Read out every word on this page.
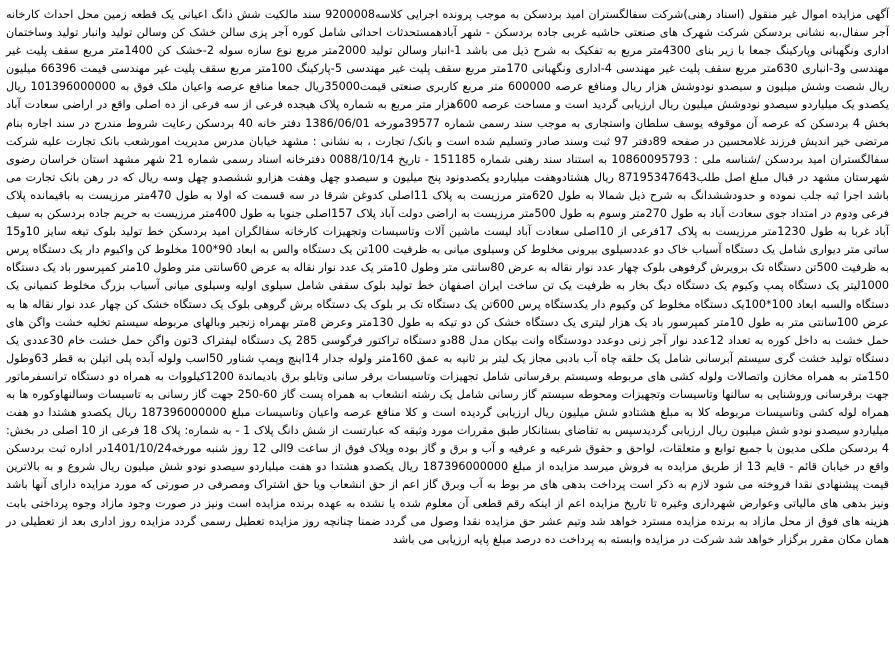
آگهی مزایده اموال غیر منقول (اسناد رهنی)شرکت سفالگستران امید بردسکن به موجب پرونده اجرایی کلاسه9200008 سند مالکیت شش دانگ اعیانی یک قطعه زمین محل احداث کارخانه آجر سفال،به نشانی بردسکن شرکت شهرک های صنعتی حاشیه غربی جاده بردسکن - شهر آبادهمستحدثات احداثی شامل کوره آجر پزی سالن خشک کن وسالن تولید وانبار تولید وساختمان اداری ونگهبانی وپارکینگ جمعا با زیر بنای 4300متر مربع به تفکیک به شرح ذیل می باشد 1-انبار وسالن تولید 2000متر مربع نوع سازه سوله 2-خشک کن 1400متر مربع سقف پلیت غیر مهندسی و3-انباری 630متر مربع سقف پلیت غیر مهندسی 4-اداری ونگهبانی 170متر مربع سقف پلیت غیر مهندسی 5-پارکینگ 100متر مربع سقف پلیت غیر مهندسی قیمت 66396 میلیون ریال شصت وشش میلیون و سیصدو نودوشش هزار ریال ومنافع عرصه 600000 متر مربع کاربری صنعتی قیمت35000ریال جمعا منافع عرصه واعیان ملک فوق به 101396000000 ریال یکصدو یک میلیاردو سیصدو نودوشش میلیون ریال ارزیابی گردید است و مساحت عرصه 600هزار متر مربع به شماره پلاک هیجده فرعی از سه فرعی از ده اصلی واقع در اراضی سعادت آباد بخش 4 بردسکن که عرصه آن موقوفه یوسف سلطان واستجاری به موجب سند رسمی شماره 39577مورخه 1386/06/01 دفتر خانه 40 بردسکن رعایت شروط مندرج در سند اجاره بنام مرتضی خیر اندیش فرزند غلامحسین در صفحه 89دفتر 97 ثبت وسند صادر وتسلیم شده است و بانک/ تجارت ، به نشانی : مشهد خیابان مدرس مدیریت امورشعب بانک تجارت علیه شرکت سفالگستران امید بردسکن /شناسه ملی : 10860095793 به استناد سند رهنی شماره 151185 - تاریخ 0088/10/14 دفترخانه اسناد رسمی شماره 21 شهر مشهد استان خراسان رضوی شهرستان مشهد در قبال مبلغ اصل طلب87195347643 ریال هشتادوهفت میلیاردو یکصدونود پنج میلیون و سیصدو چهل وهفت هزارو ششصدو چهل وسه ریال که در رهن بانک تجارت می باشد اجرا ثبه جلب نموده و حدودششدانگ به شرح ذیل شمالا به طول 620متر مرزیست به پلاک 11اصلی کدوغن شرقا در سه قسمت که اولا به طول 470متر مرزیست به باقیمانده پلاک فرعی ودوم در امتداد جوی سعادت آباد به طول 270متر وسوم به طول 500متر مرزیست به اراضی دولت آباد پلاک 157اصلی جنوبا به طول 400متر مرزیست به حریم جاده بردسکن به سیف آباد غربا به طول 1230متر مرزیست به پلاک 17فرعی از 10اصلی سعادت آباد لیست ماشین آلات وتاسیسات وتجهیزات کارخانه سفالگران امید بردسکن خط تولید بلوک تیغه سایز 10و15 ساتی متر دیواری شامل یک دستگاه آسیاب خاک دو عددسیلوی بیرونی مخلوط کن وسیلوی میانی به ظرفیت 100تن یک دستگاه والس به ابعاد 90*100 مخلوط کن واکیوم دار یک دستگاه پرس به ظرفیت 500تن دستگاه تک برویرش گرفوهی بلوک چهار عدد نوار نقاله به عرض 80سانتی متر وطول 10متر یک عدد نوار نقاله به عرض 60سانتی متر وطول 10متر کمپرسور باد یک دستگاه 1000لیتر یک دستگاه پمپ وکیوم یک دستگاه دیگ بخار به ظرفیت یک تن ساخت ایران اصفهان خط تولید بلوک سقفی شامل سیلوی اولیه وسیلوی میانی آسیاب بزرگ مخلوط کنمیانی یک دستگاه والسبه ابعاد 100*100یک دستگاه مخلوط کن وکیوم دار یکدستگاه پرس 600تن یک دستگاه تک بر بلوک یک دستگاه برش گروهی بلوک یک دستگاه خشک کن چهار عدد نوار نقاله ها به عرض 100سانتی متر به طول 10متر کمپرسور باد یک هزار لیتری یک دستگاه خشک کن دو تیکه به طول 130متر وعرض 8متر بهمراه زنجیر وبالهای مربوطه سیستم تخلیه خشت واگن های حمل خشت به داخل کوره به تعداد 12عدد نوار آجر زنی دوعدد دودستگاه وانت بیکان مدل 88دو دستگاه تراکتور فرگوسی 285 یک دستگاه لیفتراک 3تون واگن حمل خشت خام 30عددی یک دستگاه تولید خشت گری سیستم آبرسانی شامل یک حلقه چاه آب بادبی مجاز یک لیتر بر ثانیه به عمق 160متر ولوله جدار 14اینچ وپمپ شناور 50اسب ولوله آبده پلی اتیلن به قطر 63وطول 150متر به همراه مخازن واتصالات ولوله کشی های مربوطه وسیستم برقرسانی شامل تجهیزات وتاسیسات برقر سانی وتابلو برق بادیماندة 1200کیلووات به همراه دو دستگاه ترانسفرماتور جهت برقرسانی وروشنایی به سالنها وتاسیسات وتجهیزات ومحوطه سیستم گاز رسانی شامل یک رشته انشعاب به همراه پست گاز 60-250 جهت گاز رسانی به تاسیسات وسالنهاوکوره ها به همراه لوله کشی وتاسیسات مربوطه کلا به مبلغ هشتادو شش میلیون ریال ارزیابی گردیده است و کلا منافع عرصه واعیان وتاسیسات مبلغ 187396000000 ریال یکصدو هشتدا دو هفت میلیاردو سیصدو نودو شش میلیون ریال ارزیابی گردیدسپس به تقاضای بستانکار طبق مقررات مورد وثیقه که عبارتست از شش دانگ پلاک 1 - به شماره: پلاک 18 فرعی از 10 اصلی در بخش: 4 بردسکن ملکی مدیون با جمیع توابع و متعلقات، لواحق و حقوق شرعیه و عرفیه و آب و برق و گاز بوده وپلاک فوق از ساعت 9الی 12 روز شنبه مورخه1401/10/24در اداره ثبت بردسکن واقع در خیابان قائم - قایم 13 از طریق مزایده به فروش میرسد مزایده از مبلغ 187396000000 ریال یکصدو هشتدا دو هفت میلیاردو سیصدو نودو شش میلیون ریال شروع و به بالاترین قیمت پیشنهادی نقدا فروخته می شود لازم به ذکر است پرداخت بدهی های مر بوط به آب وبرق گاز اعم از حق انشعاب ویا حق اشتراک ومصرفی در صورتی که مورد مزایده دارای آنها باشد ونیز بدهی های مالیاتی وعوارض شهرداری وغیره تا تاریخ مزایده اعم از اینکه رقم قطعی آن معلوم شده یا نشده به عهده برنده مزایده است ونیز در صورت وجود مازاد وجوه پرداختی بابت هزینه های فوق از محل مازاد به برنده مزایده مسترد خواهد شد وتیم عشر حق مزایده نقدا وصول می گردد ضمنا چنانچه روز مزایده تعطیل رسمی گردد مزایده روز اداری بعد از تعطیلی در همان مکان مقرر برگزار خواهد شد شرکت در مزایده وابسته به پرداخت ده درصد مبلغ پایه ارزیابی می باشد
